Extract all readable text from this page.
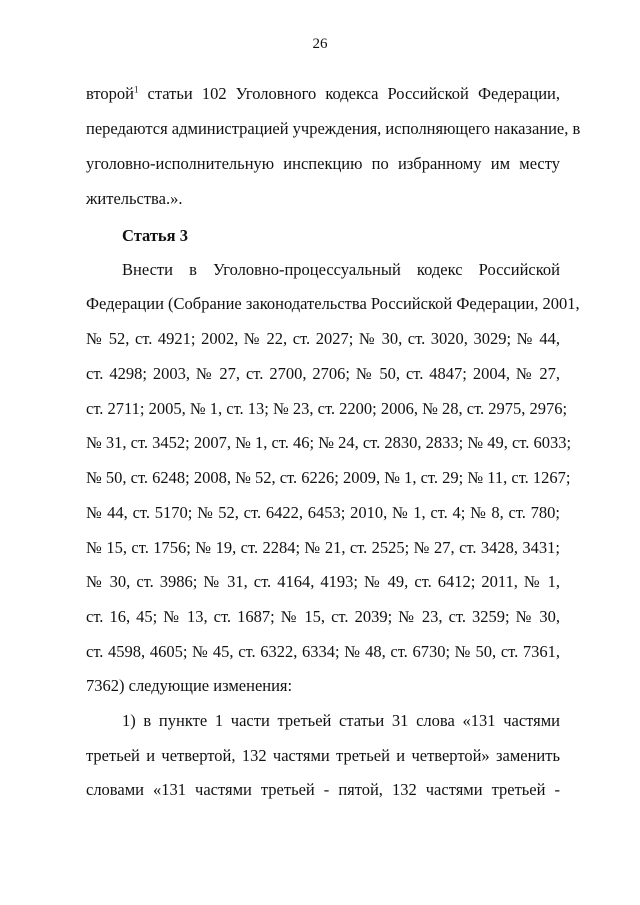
26
второй$^1$ статьи 102 Уголовного кодекса Российской Федерации,
передаются администрацией учреждения, исполняющего наказание, в
уголовно-исполнительную инспекцию по избранному им месту
жительства.».
Статья 3
Внести в Уголовно-процессуальный кодекс Российской
Федерации (Собрание законодательства Российской Федерации, 2001,
№ 52, ст. 4921; 2002, № 22, ст. 2027; № 30, ст. 3020, 3029; № 44,
ст. 4298; 2003, № 27, ст. 2700, 2706; № 50, ст. 4847; 2004, № 27,
ст. 2711; 2005, № 1, ст. 13; № 23, ст. 2200; 2006, № 28, ст. 2975, 2976;
№ 31, ст. 3452; 2007, № 1, ст. 46; № 24, ст. 2830, 2833; № 49, ст. 6033;
№ 50, ст. 6248; 2008, № 52, ст. 6226; 2009, № 1, ст. 29; № 11, ст. 1267;
№ 44, ст. 5170; № 52, ст. 6422, 6453; 2010, № 1, ст. 4; № 8, ст. 780;
№ 15, ст. 1756; № 19, ст. 2284; № 21, ст. 2525; № 27, ст. 3428, 3431;
№ 30, ст. 3986; № 31, ст. 4164, 4193; № 49, ст. 6412; 2011, № 1,
ст. 16, 45; № 13, ст. 1687; № 15, ст. 2039; № 23, ст. 3259; № 30,
ст. 4598, 4605; № 45, ст. 6322, 6334; № 48, ст. 6730; № 50, ст. 7361,
7362) следующие изменения:
1) в пункте 1 части третьей статьи 31 слова «131 частями
третьей и четвертой, 132 частями третьей и четвертой» заменить
словами «131 частями третьей - пятой, 132 частями третьей -
